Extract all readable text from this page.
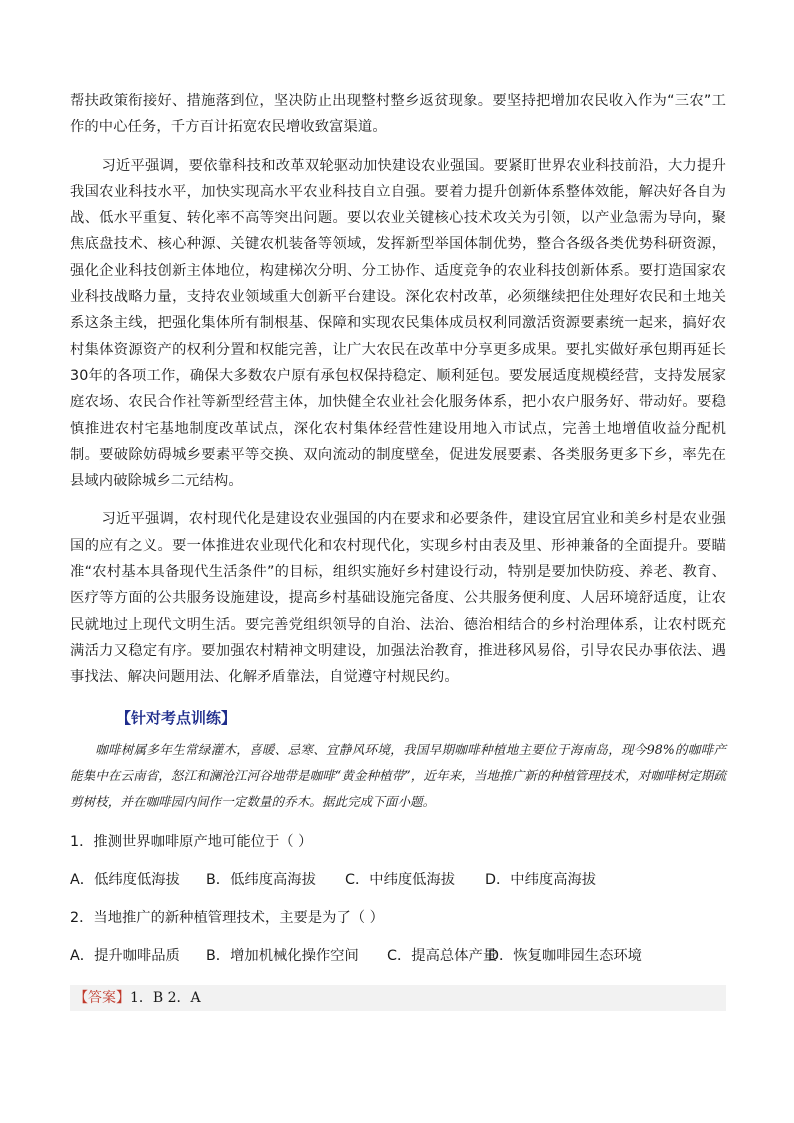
帮扶政策衔接好、措施落到位，坚决防止出现整村整乡返贫现象。要坚持把增加农民收入作为“三农”工作的中心任务，千方百计拓宽农民增收致富渠道。

习近平强调，要依靠科技和改革双轮驱动加快建设农业强国。要紧盯世界农业科技前沿，大力提升我国农业科技水平，加快实现高水平农业科技自立自强。要着力提升创新体系整体效能，解决好各自为战、低水平重复、转化率不高等突出问题。要以农业关键核心技术攻关为引领，以产业急需为导向，聚焦底盘技术、核心种源、关键农机装备等领域，发挥新型举国体制优势，整合各级各类优势科研资源，强化企业科技创新主体地位，构建梯次分明、分工协作、适度竞争的农业科技创新体系。要打造国家农业科技战略力量，支持农业领域重大创新平台建设。深化农村改革，必须继续把住处理好农民和土地关系这条主线，把强化集体所有制根基、保障和实现农民集体成员权利同激活资源要素统一起来，搞好农村集体资源资产的权利分置和权能完善，让广大农民在改革中分享更多成果。要扎实做好承包期再延长30年的各项工作，确保大多数农户原有承包权保持稳定、顺利延包。要发展适度规模经营，支持发展家庭农场、农民合作社等新型经营主体，加快健全农业社会化服务体系，把小农户服务好、带动好。要稳慎推进农村宅基地制度改革试点，深化农村集体经营性建设用地入市试点，完善土地增值收益分配机制。要破除妨碍城乡要素平等交换、双向流动的制度壁垒，促进发展要素、各类服务更多下乡，率先在县域内破除城乡二元结构。

习近平强调，农村现代化是建设农业强国的内在要求和必要条件，建设宜居宜业和美乡村是农业强国的应有之义。要一体推进农业现代化和农村现代化，实现乡村由表及里、形神兼备的全面提升。要瞄准“农村基本具备现代生活条件”的目标，组织实施好乡村建设行动，特别是要加快防疫、养老、教育、医疗等方面的公共服务设施建设，提高乡村基础设施完备度、公共服务便利度、人居环境舒适度，让农民就地过上现代文明生活。要完善党组织领导的自治、法治、德治相结合的乡村治理体系，让农村既充满活力又稳定有序。要加强农村精神文明建设，加强法治教育，推进移风易俗，引导农民办事依法、遇事找法、解决问题用法、化解矛盾靠法，自觉遵守村规民约。

【针对考点训练】

咖啡树属多年生常绿灌木，喜暖、忌寒、宜静风环境，我国早期咖啡种植地主要位于海南岛，现今98%的咖啡产能集中在云南省，怒江和澜沧江河谷地带是咖啡“黄金种植带”，近年来，当地推广新的种植管理技术，对咖啡树定期疏剪树枝，并在咖啡园内间作一定数量的乔木。据此完成下面小题。

1．推测世界咖啡原产地可能位于（ ）
A．低纬度低海拔	B．低纬度高海拔	C．中纬度低海拔	D．中纬度高海拔
2．当地推广的新种植管理技术，主要是为了（ ）
A．提升咖啡品质	B．增加机械化操作空间	C．提高总体产量
D．恢复咖啡园生态环境
【答案】1．B 2．A
